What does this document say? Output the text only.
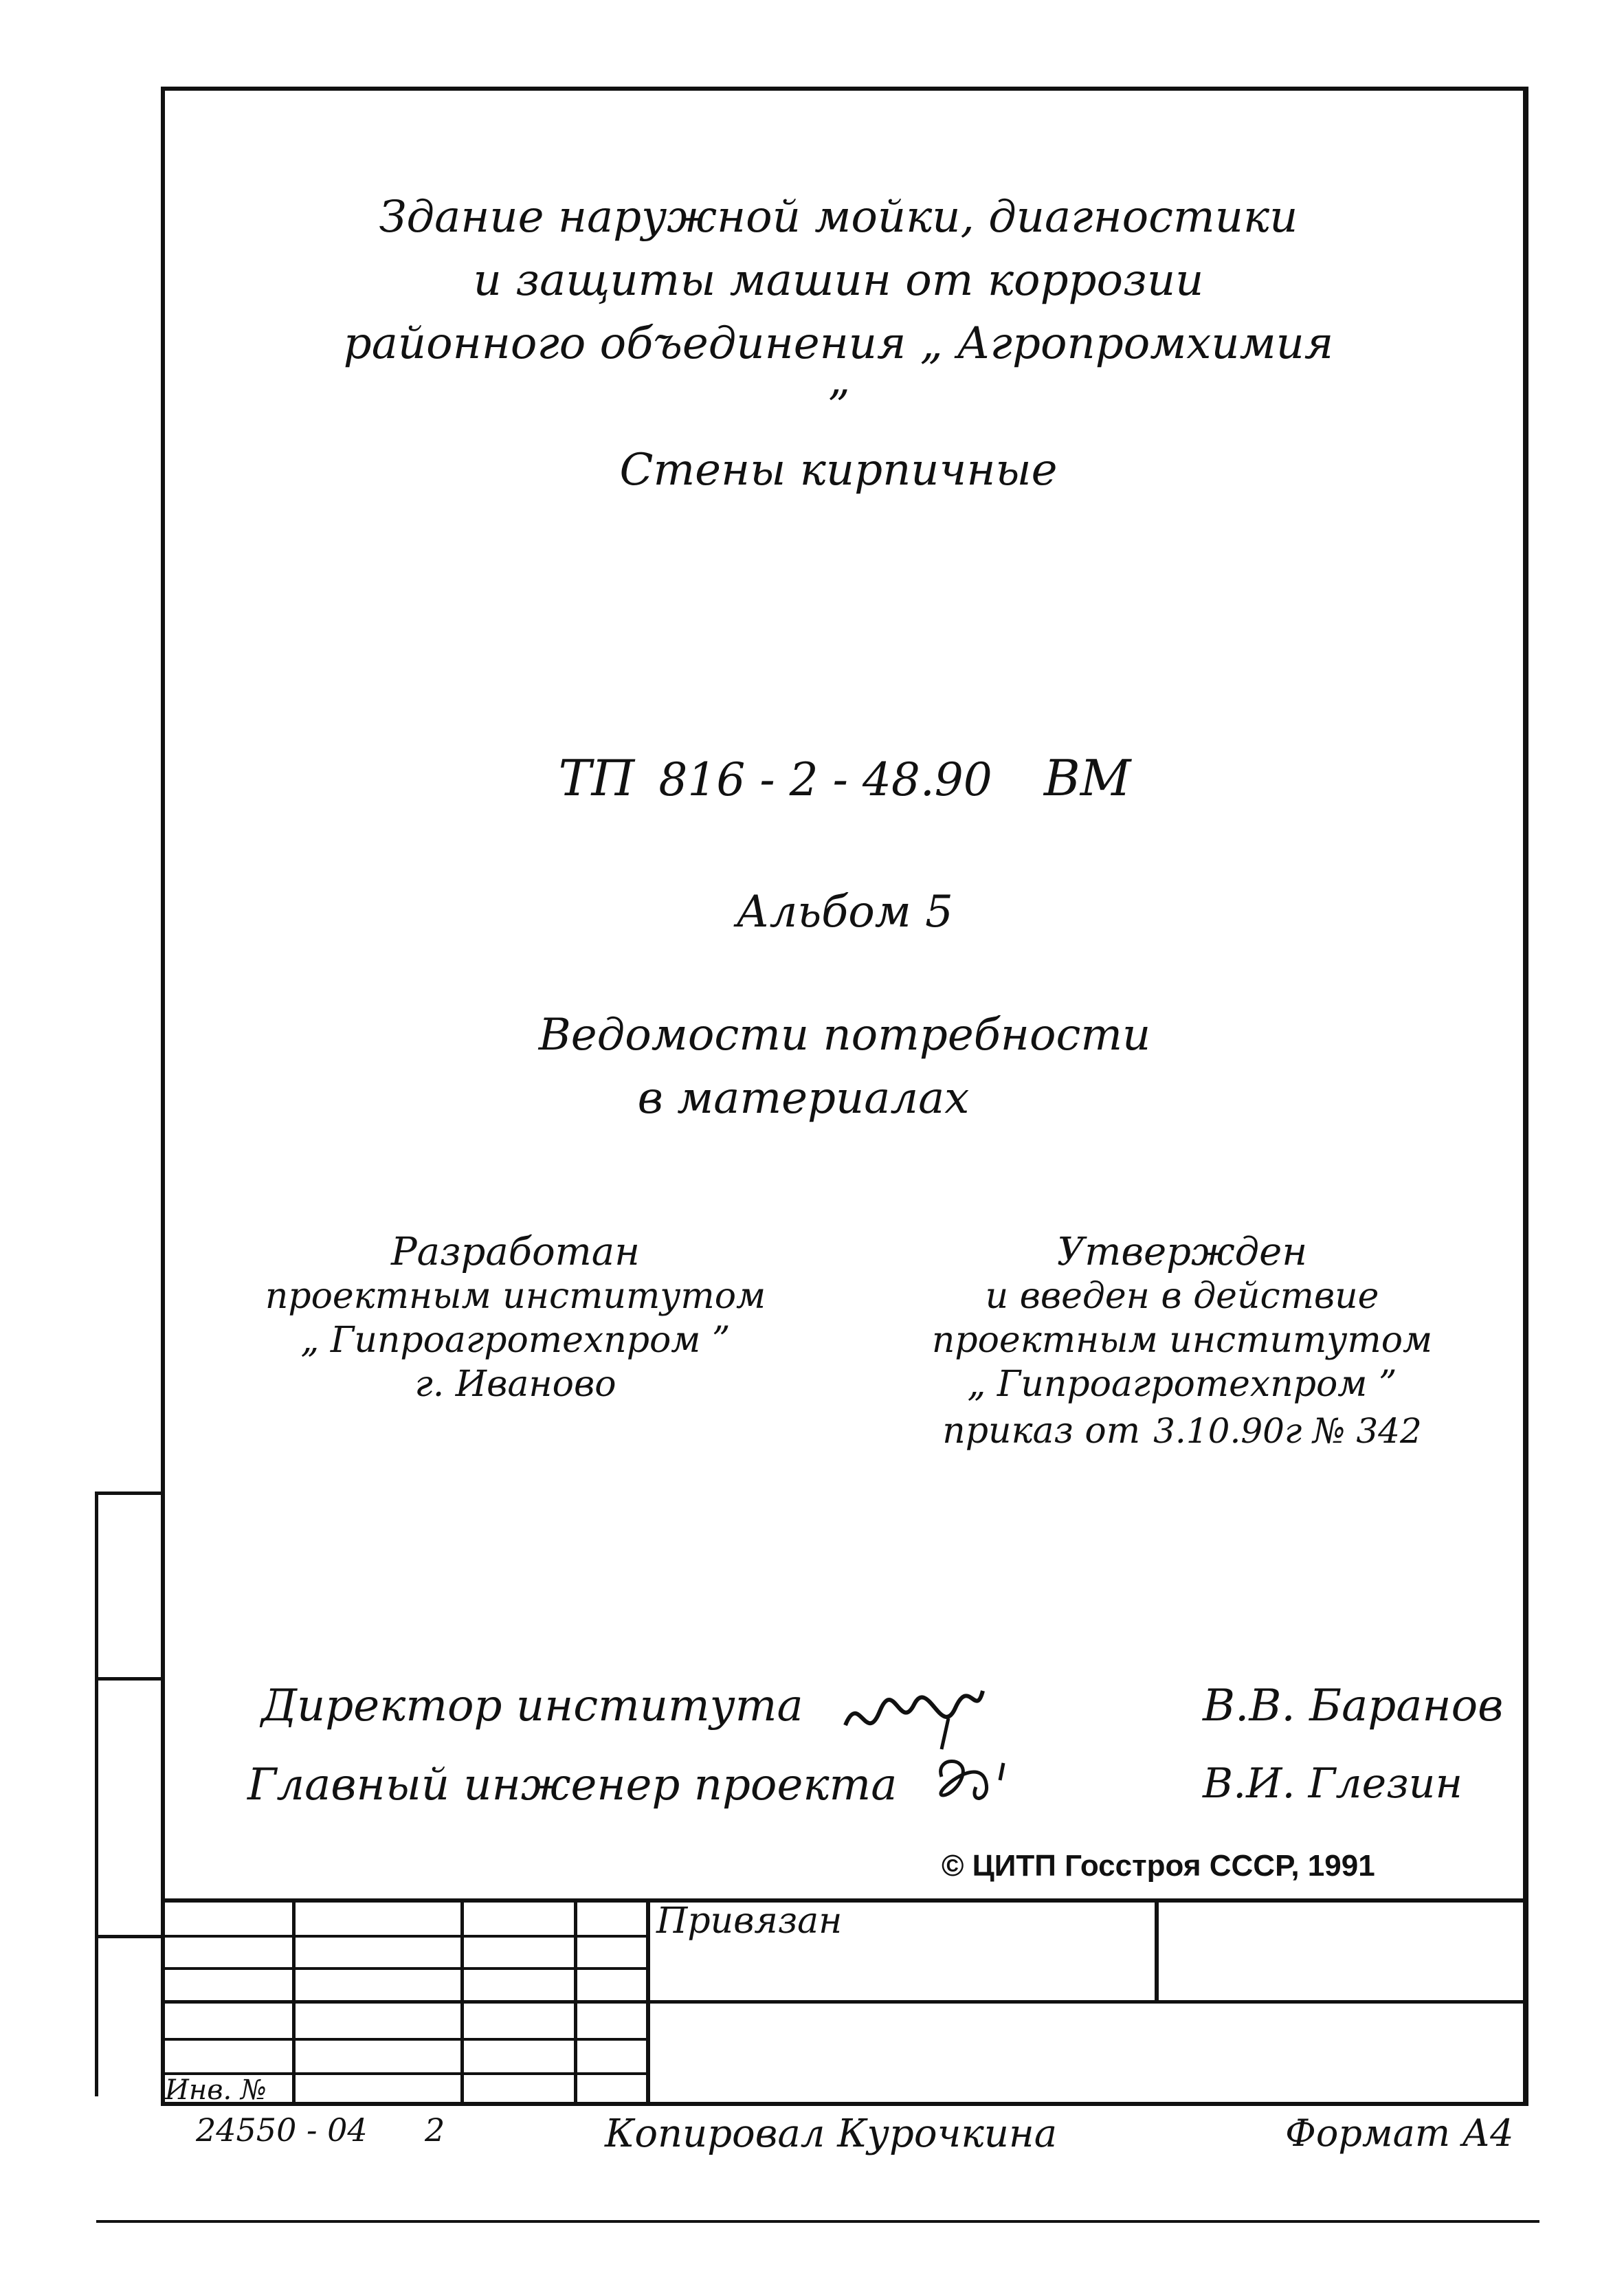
Здание наружной мойки, диагностики
и защиты машин от коррозии
районного объединения „ Агропромхимия ”
Стены кирпичные
ТП 816 - 2 - 48.90 ВМ
Альбом 5
Ведомости потребности
в материалах
Разработан
проектным институтом
„ Гипроагротехпром ”
г. Иваново
Утвержден
и введен в действие
проектным институтом
„ Гипроагротехпром ”
приказ от 3.10.90г № 342
Директор института	В.В. Баранов
Главный инженер проекта	В.И. Глезин
© ЦИТП Госстроя СССР, 1991
Привязан
Инв. №
24550 - 04 2	Копировал Курочкина	Формат А4
